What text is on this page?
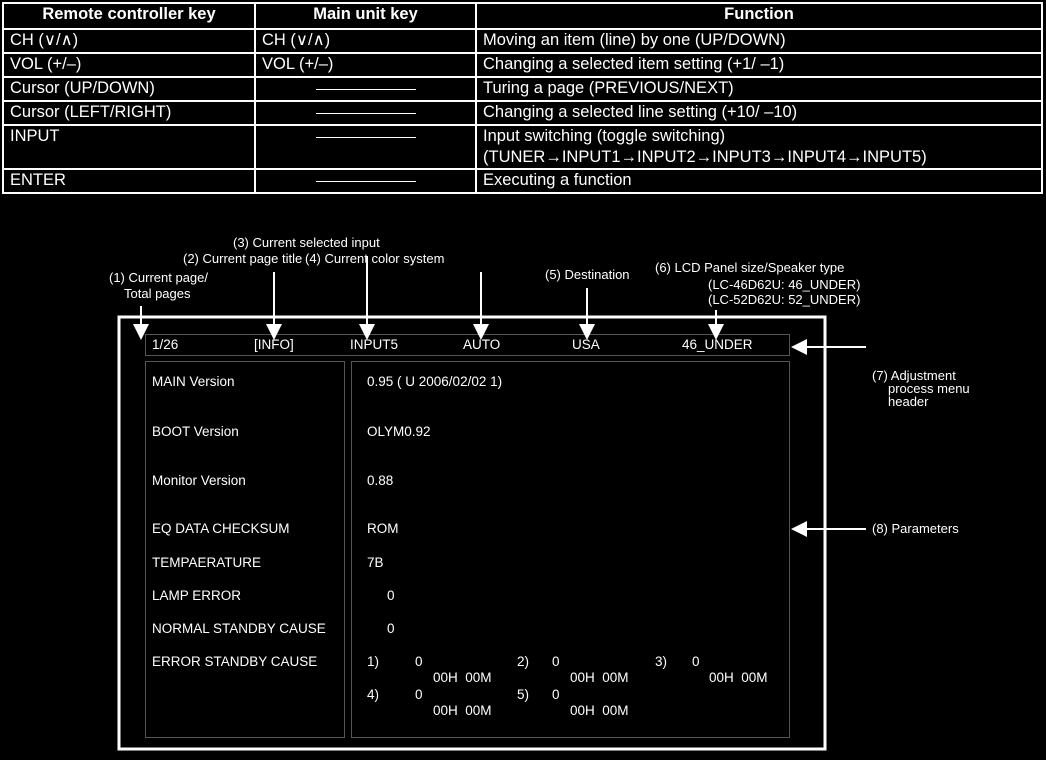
Remote controller key	Main unit key	Function
CH (∨/∧)	CH (∨/∧)	Moving an item (line) by one (UP/DOWN)
VOL (+/–)	VOL (+/–)	Changing a selected item setting (+1/ –1)
Cursor (UP/DOWN)		Turing a page (PREVIOUS/NEXT)
Cursor (LEFT/RIGHT)		Changing a selected line setting (+10/ –10)
INPUT		Input switching (toggle switching)
(TUNER→INPUT1→INPUT2→INPUT3→INPUT4→INPUT5)

ENTER		Executing a function
(1) Current page/
Total pages
(2) Current page title
(3) Current selected input
(4) Current color system
(5) Destination (6) LCD Panel size/Speaker type
(LC-46D62U: 46_UNDER)
(LC-52D62U: 52_UNDER)
(7) Adjustment
process menu
header
(8) Parameters
1/26	[INFO]	INPUT5	AUTO	USA	46_UNDER
MAIN Version	0.95 ( U 2006/02/02 1)
BOOT Version	OLYM0.92
Monitor Version	0.88
EQ DATA CHECKSUM	ROM
TEMPAERATURE	7B
LAMP ERROR	0
NORMAL STANDBY CAUSE	0
ERROR STANDBY CAUSE	1)	0
00H  00M
2) 0
00H  00M
3) 0
00H  00M
4)	0
00H  00M
5) 0
00H  00M
